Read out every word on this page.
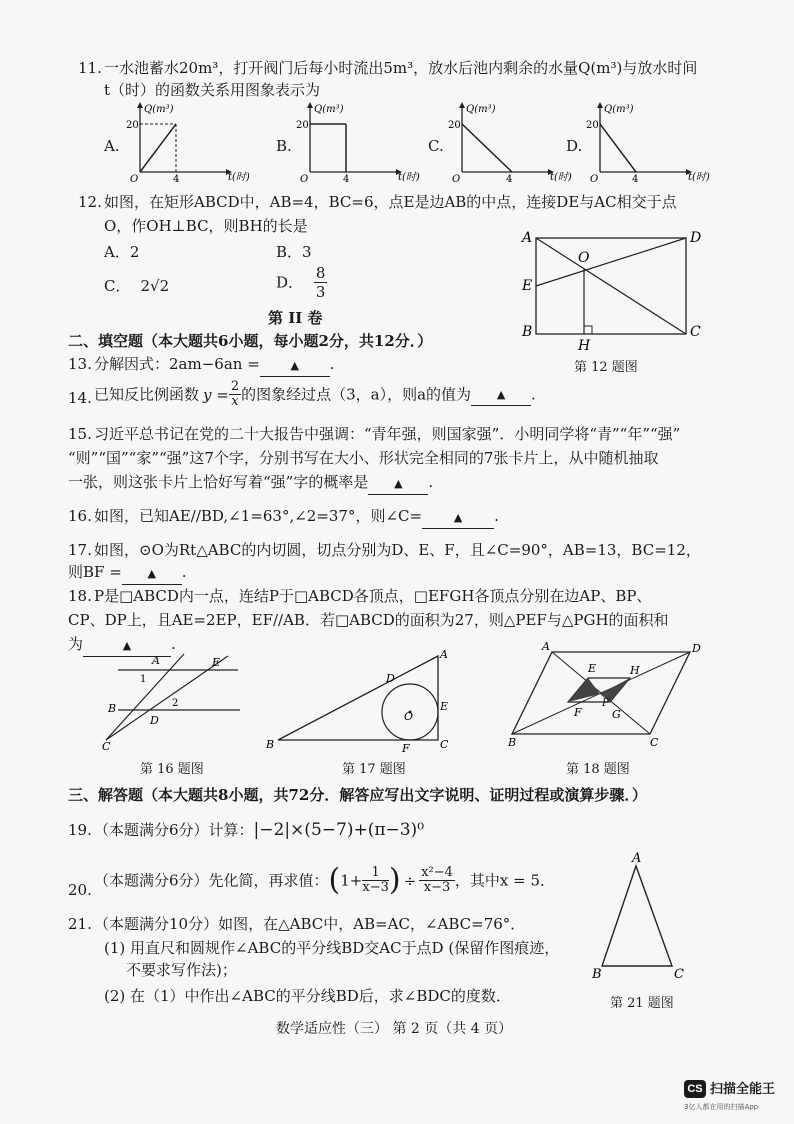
11. 一水池蓄水20m³，打开阀门后每小时流出5m³，放水后池内剩余的水量Q(m³)与放水时间
t（时）的函数关系用图象表示为
A.	B.	C.	D.
Q(m³)
20
O	4	t(时)
Q(m³)
20
O	4	t(时)
Q(m³)
20
O	4	t(时)
Q(m³)
20
O	4	t(时)
12. 如图，在矩形ABCD中，AB=4，BC=6，点E是边AB的中点，连接DE与AC相交于点
O，作OH⊥BC，则BH的长是
A．2	B．3
C． 2√2	D． $\frac{8}{3}$
A	D
O
E
B
H
C
第 12 题图
第 II 卷
二、填空题（本大题共6小题，每小题2分，共12分．）
13. 分解因式：2am−6an =	▲ .
14. 已知反比例函数 $y = \frac{2}{x}$ 的图象经过点（3，a），则a的值为 ▲ .
15. 习近平总书记在党的二十大报告中强调：“青年强，则国家强”．小明同学将“青”“年”“强”
“则”“国”“家”“强”这7个字，分别书写在大小、形状完全相同的7张卡片上，从中随机抽取
一张，则这张卡片上恰好写着“强”字的概率是 ▲ .
16. 如图，已知AE//BD,∠1=63°,∠2=37°，则∠C=	▲ .
17. 如图，⊙O为Rt△ABC的内切圆，切点分别为D、E、F，且∠C=90°，AB=13，BC=12，
则BF = ▲ .
18. P是□ABCD内一点，连结P于□ABCD各顶点，□EFGH各顶点分别在边AP、BP、
CP、DP上，且AE=2EP，EF//AB．若□ABCD的面积为27，则△PEF与△PGH的面积和
为	▲	.
A	E
1
B	2
D
C
第 16 题图
B
A
D
O
E
F	C
第 17 题图
A	D
E	H
P
F	G
B	C
第 18 题图
三、解答题（本大题共8小题，共72分．解答应写出文字说明、证明过程或演算步骤．）
19. （本题满分6分）计算：|−2|×(5−7)+(π−3)⁰
20.
（本题满分6分）先化简，再求值：($1+ \frac{1}{x-3}$ ) ÷ $\frac{\text{x²−4}}{x-3}$ ，其中x = 5．
21. （本题满分10分）如图，在△ABC中，AB=AC，∠ABC=76°．
(1) 用直尺和圆规作∠ABC的平分线BD交AC于点D (保留作图痕迹，
不要求写作法)；
(2) 在（1）中作出∠ABC的平分线BD后，求∠BDC的度数．
A
B	C
第 21 题图
数学适应性（三） 第 2 页（共 4 页）
CS 扫描全能王
3亿人都在用的扫描App
